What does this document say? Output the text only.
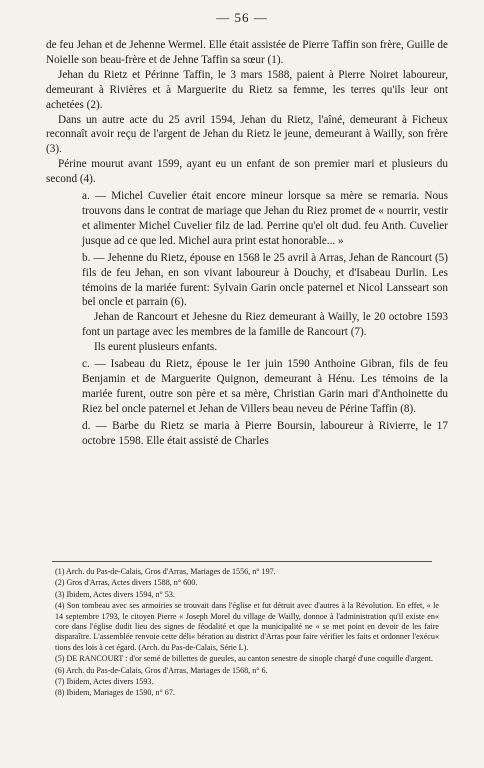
— 56 —

de feu Jehan et de Jehenne Wermel. Elle était assistée de Pierre Taffin son frère, Guille de Noielle son beau-frère et de Jehne Taffin sa sœur (1).

Jehan du Rietz et Périnne Taffin, le 3 mars 1588, paient à Pierre Noiret laboureur, demeurant à Rivières et à Marguerite du Rietz sa femme, les terres qu'ils leur ont achetées (2).

Dans un autre acte du 25 avril 1594, Jehan du Rietz, l'aîné, demeurant à Ficheux reconnaît avoir reçu de l'argent de Jehan du Rietz le jeune, demeurant à Wailly, son frère (3).

Périne mourut avant 1599, ayant eu un enfant de son premier mari et plusieurs du second (4).

a. — Michel Cuvelier était encore mineur lorsque sa mère se remaria. Nous trouvons dans le contrat de mariage que Jehan du Riez promet de « nourrir, vestir et alimenter Michel Cuvelier filz de lad. Perrine qu'el olt dud. feu Anth. Cuvelier jusque ad ce que led. Michel aura print estat honorable... »

b. — Jehenne du Rietz, épouse en 1568 le 25 avril à Arras, Jehan de Rancourt (5) fils de feu Jehan, en son vivant laboureur à Douchy, et d'Isabeau Durlin. Les témoins de la mariée furent: Sylvain Garin oncle paternel et Nicol Lansseart son bel oncle et parrain (6).

Jehan de Rancourt et Jehesne du Riez demeurant à Wailly, le 20 octobre 1593 font un partage avec les membres de la famille de Rancourt (7).

Ils eurent plusieurs enfants.

c. — Isabeau du Rietz, épouse le 1er juin 1590 Anthoine Gibran, fils de feu Benjamin et de Marguerite Quignon, demeurant à Hénu. Les témoins de la mariée furent, outre son père et sa mère, Christian Garin mari d'Anthoinette du Riez bel oncle paternel et Jehan de Villers beau neveu de Périne Taffin (8).

d. — Barbe du Rietz se maria à Pierre Boursin, laboureur à Rivierre, le 17 octobre 1598. Elle était assisté de Charles

(1) Arch. du Pas-de-Calais, Gros d'Arras, Mariages de 1556, n° 197.

(2) Gros d'Arras, Actes divers 1588, n° 600.

(3) Ibidem, Actes divers 1594, n° 53.

(4) Son tombeau avec ses armoiries se trouvait dans l'église et fut détruit avec d'autres à la Révolution. En effet, « le 14 septembre 1793, le citoyen Pierre « Joseph Morel du village de Wailly, donnoe à l'administration qu'il existe en« core dans l'église dudit lieu des signes de féodalité et que la municipalité ne « se met point en devoir de les faire disparaître. L'assemblée renvoie cette déli« bération au district d'Arras pour faire vérifier les faits et ordonner l'exécu« tions des lois à cet égard. (Arch. du Pas-de-Calais, Série L).

(5) DE RANCOURT : d'or semé de billettes de gueules, au canton senestre de sinople chargé d'une coquille d'argent.

(6) Arch. du Pas-de-Calais, Gros d'Arras, Mariages de 1568, n° 6.

(7) Ibidem, Actes divers 1593.

(8) Ibidem, Mariages de 1590, n° 67.
